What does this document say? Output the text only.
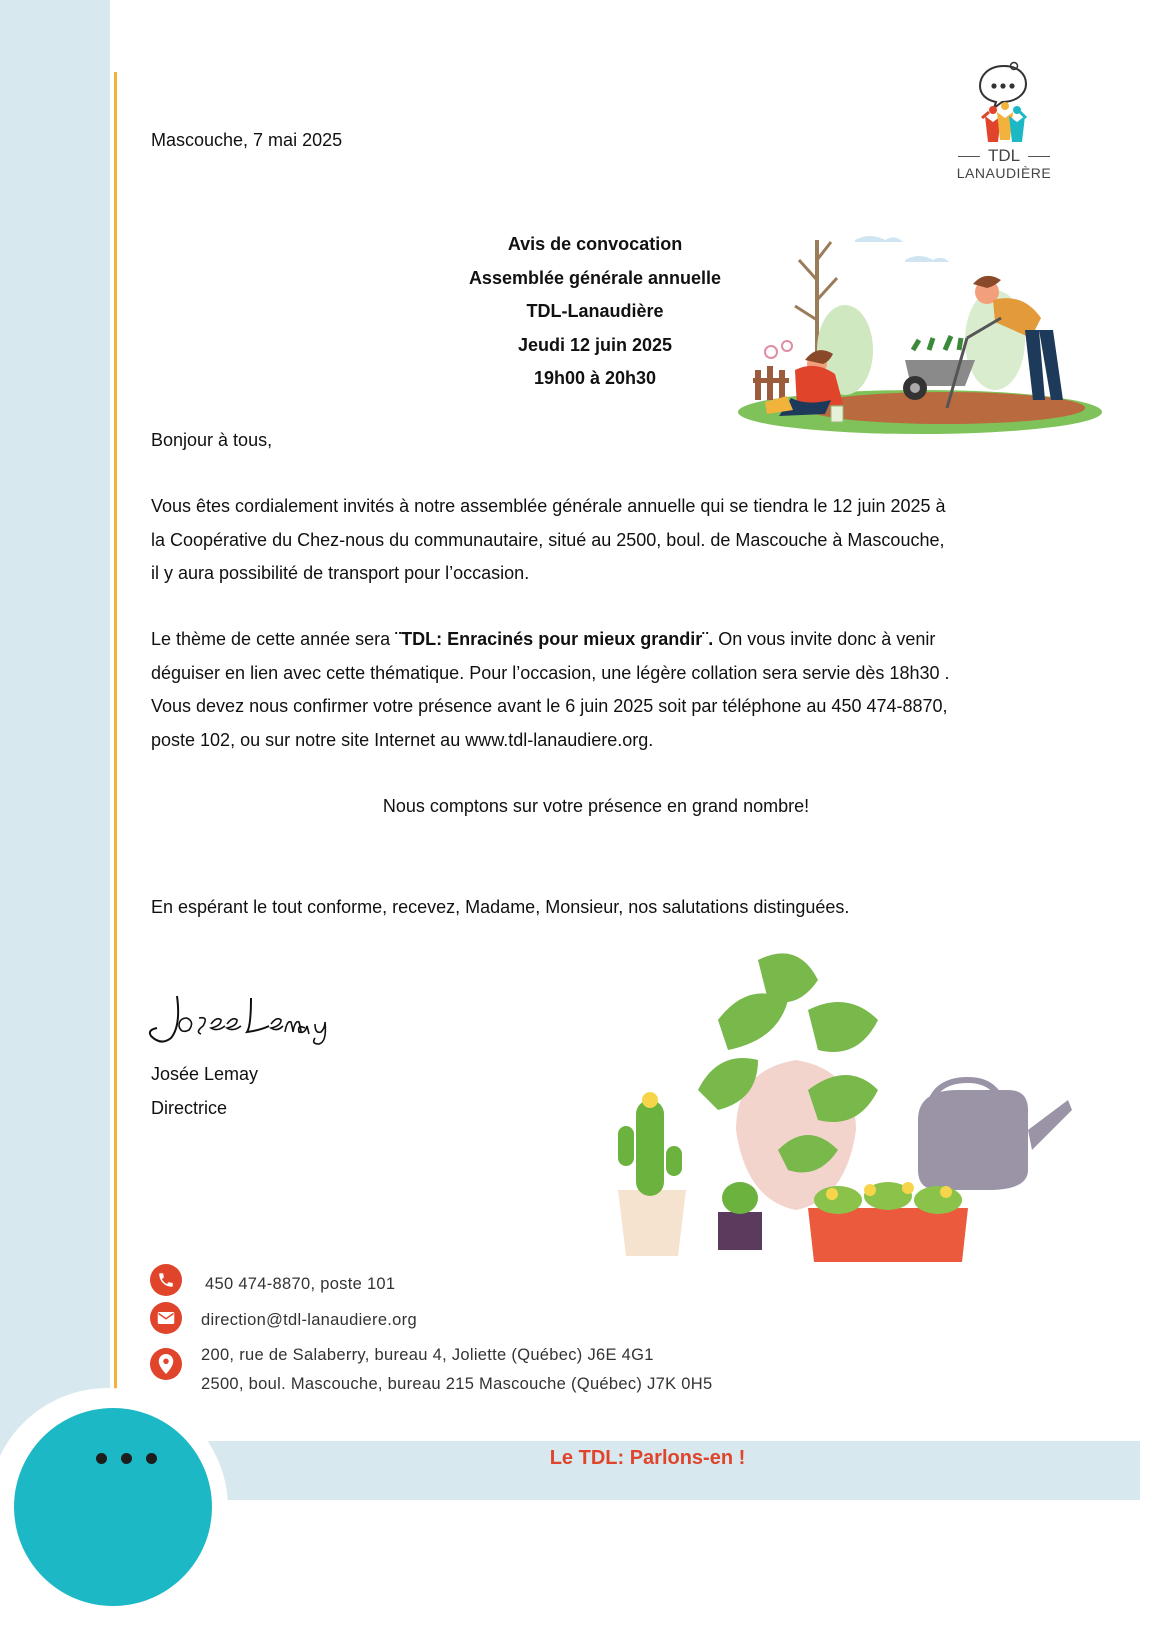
TDL
LANAUDIÈRE
Mascouche, 7 mai 2025
Avis de convocation
Assemblée générale annuelle
TDL-Lanaudière
Jeudi 12 juin 2025
19h00 à 20h30
Bonjour à tous,
Vous êtes cordialement invités à notre assemblée générale annuelle qui se tiendra le 12 juin 2025 à
la Coopérative du Chez-nous du communautaire, situé au 2500, boul. de Mascouche à Mascouche,
il y aura possibilité de transport pour l’occasion.
Le thème de cette année sera ¨TDL: Enracinés pour mieux grandir¨. On vous invite donc à venir
déguiser en lien avec cette thématique. Pour l’occasion, une légère collation sera servie dès 18h30 .
Vous devez nous confirmer votre présence avant le 6 juin 2025 soit par téléphone au 450 474-8870,
poste 102, ou sur notre site Internet au www.tdl-lanaudiere.org.
Nous comptons sur votre présence en grand nombre!
En espérant le tout conforme, recevez, Madame, Monsieur, nos salutations distinguées.
Josée Lemay
Directrice
450 474-8870, poste 101
direction@tdl-lanaudiere.org
200, rue de Salaberry, bureau 4, Joliette (Québec) J6E 4G1
2500, boul. Mascouche, bureau 215 Mascouche (Québec) J7K 0H5
Le TDL: Parlons-en !
